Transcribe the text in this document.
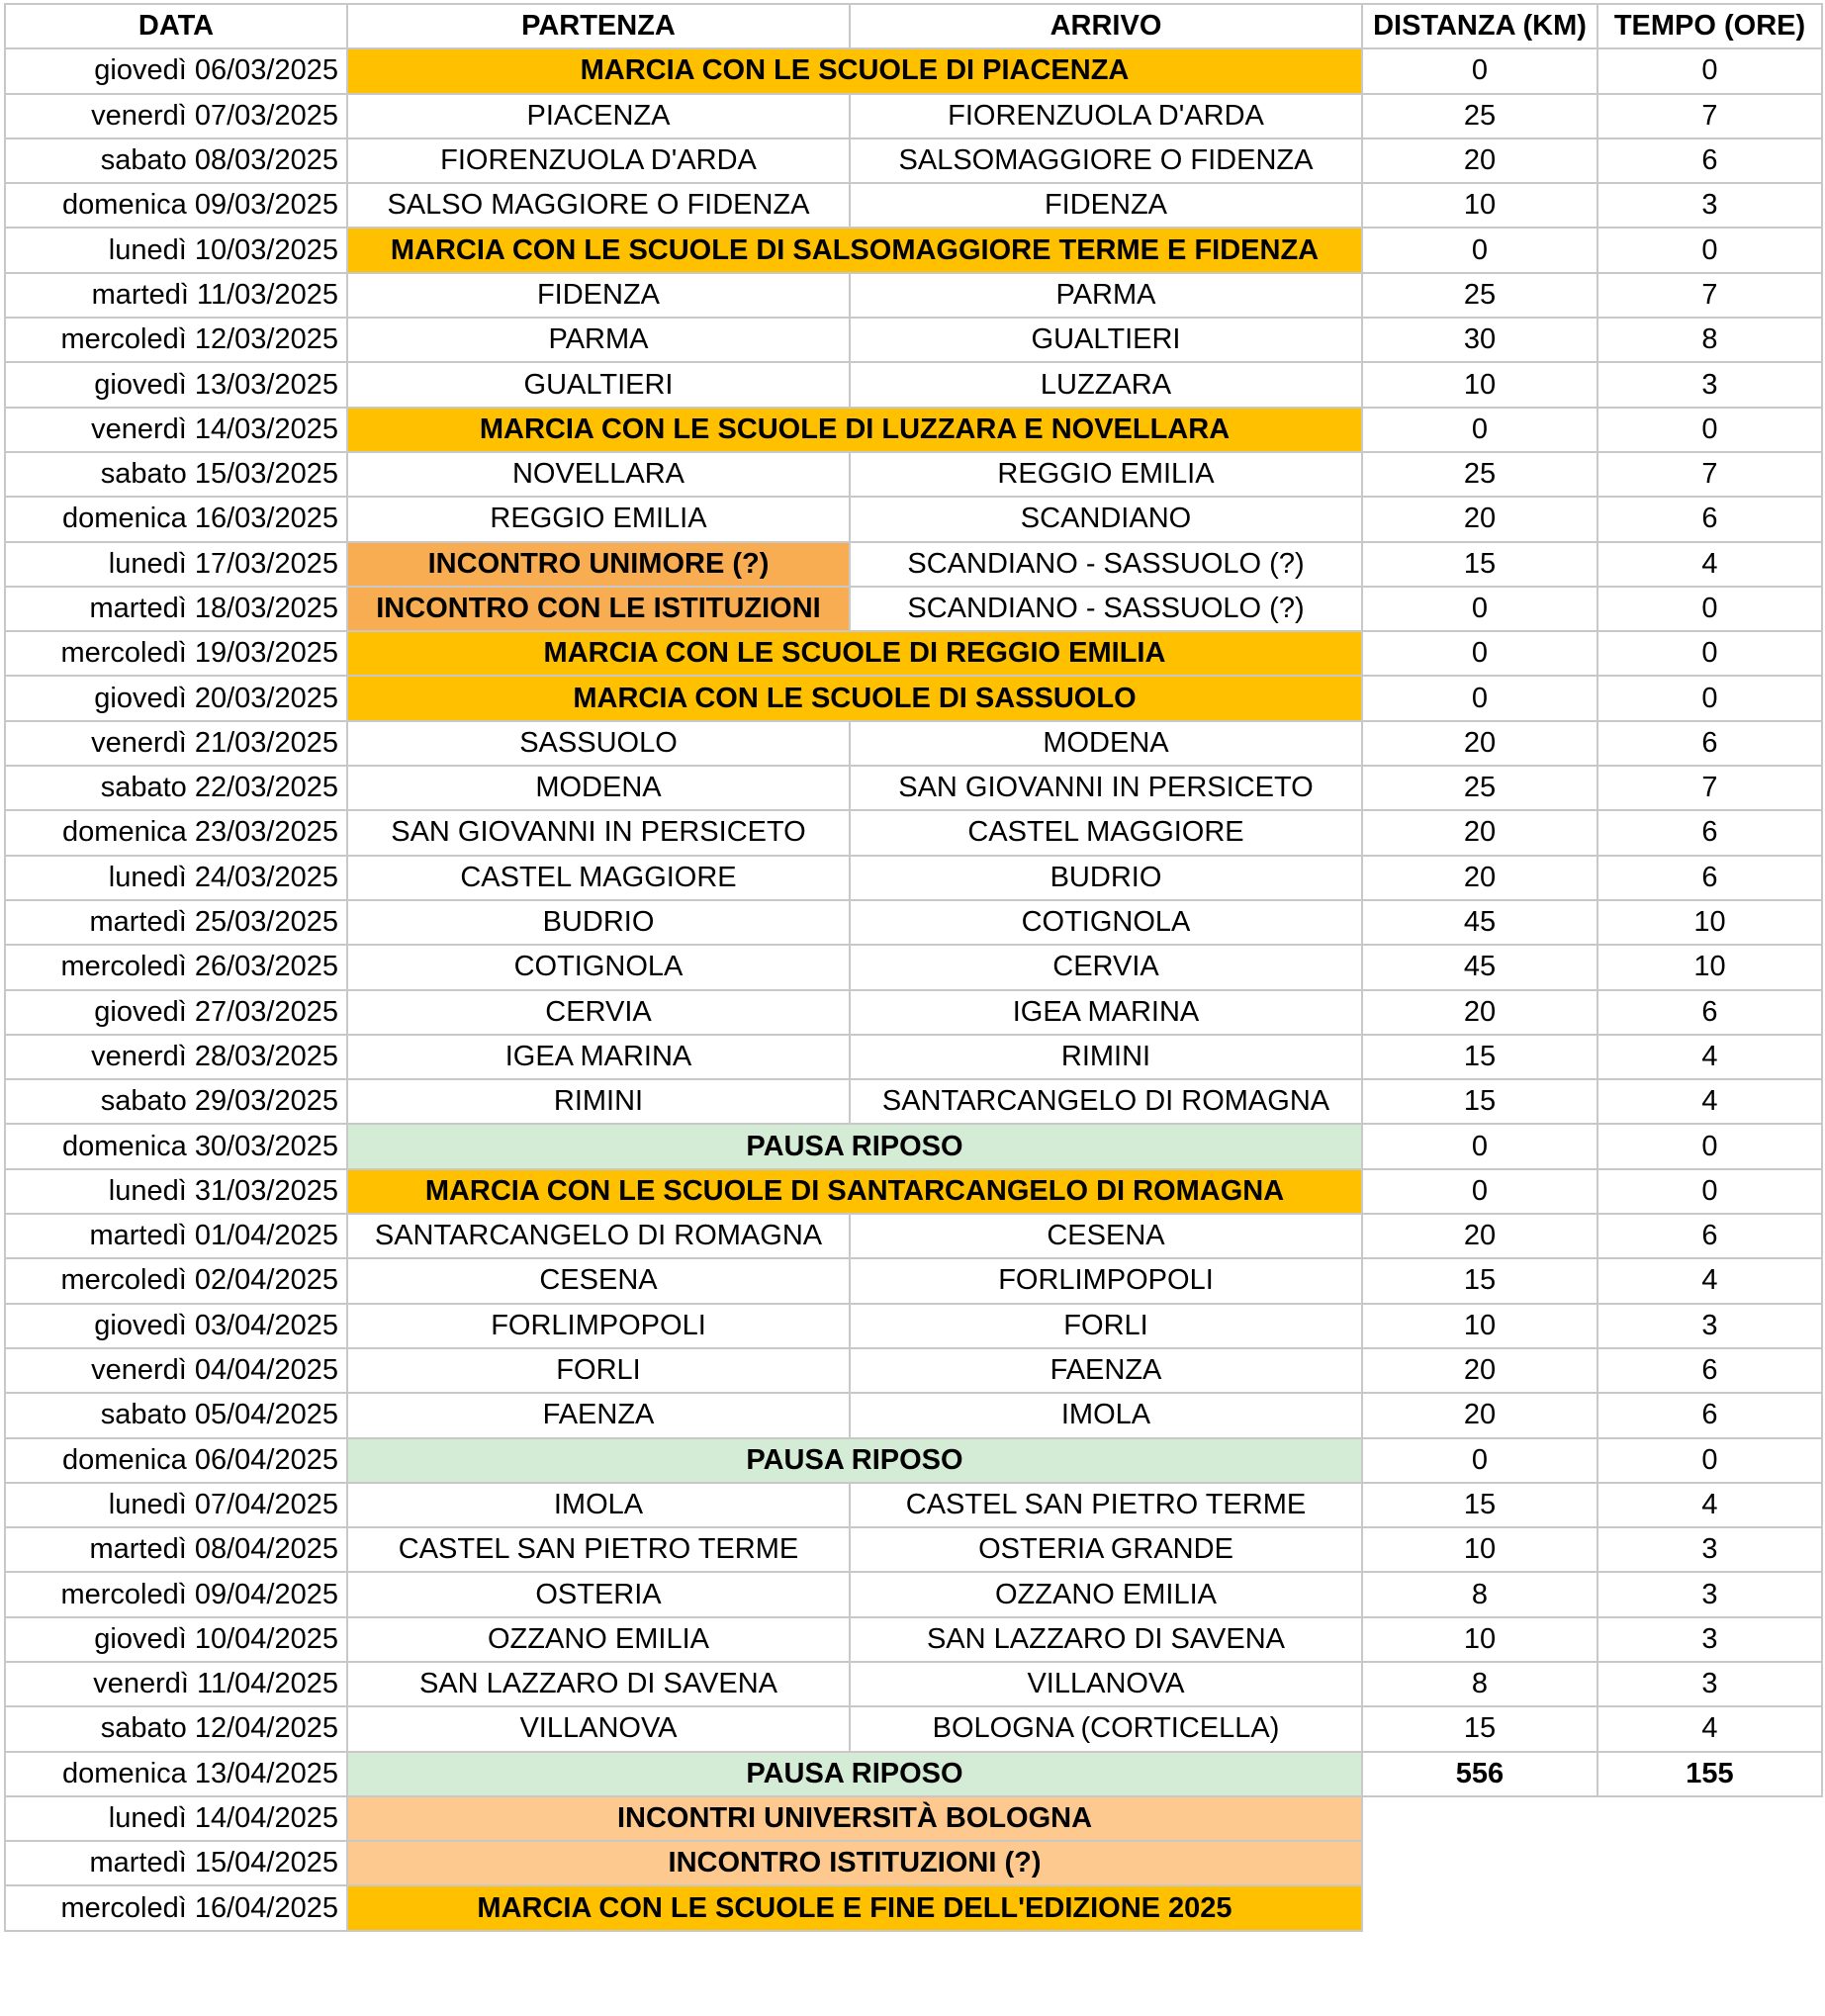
DATA	PARTENZA	ARRIVO	DISTANZA (KM)	TEMPO (ORE)
giovedì 06/03/2025	MARCIA CON LE SCUOLE DI PIACENZA		0	0
venerdì 07/03/2025	PIACENZA	FIORENZUOLA D'ARDA	25	7
sabato 08/03/2025	FIORENZUOLA D'ARDA	SALSOMAGGIORE O FIDENZA	20	6
domenica 09/03/2025	SALSO MAGGIORE O FIDENZA	FIDENZA	10	3
lunedì 10/03/2025	MARCIA CON LE SCUOLE DI SALSOMAGGIORE TERME E FIDENZA		0	0
martedì 11/03/2025	FIDENZA	PARMA	25	7
mercoledì 12/03/2025	PARMA	GUALTIERI	30	8
giovedì 13/03/2025	GUALTIERI	LUZZARA	10	3
venerdì 14/03/2025	MARCIA CON LE SCUOLE DI LUZZARA E NOVELLARA		0	0
sabato 15/03/2025	NOVELLARA	REGGIO EMILIA	25	7
domenica 16/03/2025	REGGIO EMILIA	SCANDIANO	20	6
lunedì 17/03/2025	INCONTRO UNIMORE (?)	SCANDIANO - SASSUOLO (?)	15	4
martedì 18/03/2025	INCONTRO CON LE ISTITUZIONI	SCANDIANO - SASSUOLO (?)	0	0
mercoledì 19/03/2025	MARCIA CON LE SCUOLE DI REGGIO EMILIA		0	0
giovedì 20/03/2025	MARCIA CON LE SCUOLE DI SASSUOLO		0	0
venerdì 21/03/2025	SASSUOLO	MODENA	20	6
sabato 22/03/2025	MODENA	SAN GIOVANNI IN PERSICETO	25	7
domenica 23/03/2025	SAN GIOVANNI IN PERSICETO	CASTEL MAGGIORE	20	6
lunedì 24/03/2025	CASTEL MAGGIORE	BUDRIO	20	6
martedì 25/03/2025	BUDRIO	COTIGNOLA	45	10
mercoledì 26/03/2025	COTIGNOLA	CERVIA	45	10
giovedì 27/03/2025	CERVIA	IGEA MARINA	20	6
venerdì 28/03/2025	IGEA MARINA	RIMINI	15	4
sabato 29/03/2025	RIMINI	SANTARCANGELO DI ROMAGNA	15	4
domenica 30/03/2025	PAUSA RIPOSO		0	0
lunedì 31/03/2025	MARCIA CON LE SCUOLE DI SANTARCANGELO DI ROMAGNA		0	0
martedì 01/04/2025	SANTARCANGELO DI ROMAGNA	CESENA	20	6
mercoledì 02/04/2025	CESENA	FORLIMPOPOLI	15	4
giovedì 03/04/2025	FORLIMPOPOLI	FORLI	10	3
venerdì 04/04/2025	FORLI	FAENZA	20	6
sabato 05/04/2025	FAENZA	IMOLA	20	6
domenica 06/04/2025	PAUSA RIPOSO		0	0
lunedì 07/04/2025	IMOLA	CASTEL SAN PIETRO TERME	15	4
martedì 08/04/2025	CASTEL SAN PIETRO TERME	OSTERIA GRANDE	10	3
mercoledì 09/04/2025	OSTERIA	OZZANO EMILIA	8	3
giovedì 10/04/2025	OZZANO EMILIA	SAN LAZZARO DI SAVENA	10	3
venerdì 11/04/2025	SAN LAZZARO DI SAVENA	VILLANOVA	8	3
sabato 12/04/2025	VILLANOVA	BOLOGNA (CORTICELLA)	15	4
domenica 13/04/2025	PAUSA RIPOSO		556	155
lunedì 14/04/2025	INCONTRI UNIVERSITÀ BOLOGNA			
martedì 15/04/2025	INCONTRO ISTITUZIONI (?)			
mercoledì 16/04/2025	MARCIA CON LE SCUOLE E FINE DELL'EDIZIONE 2025			
